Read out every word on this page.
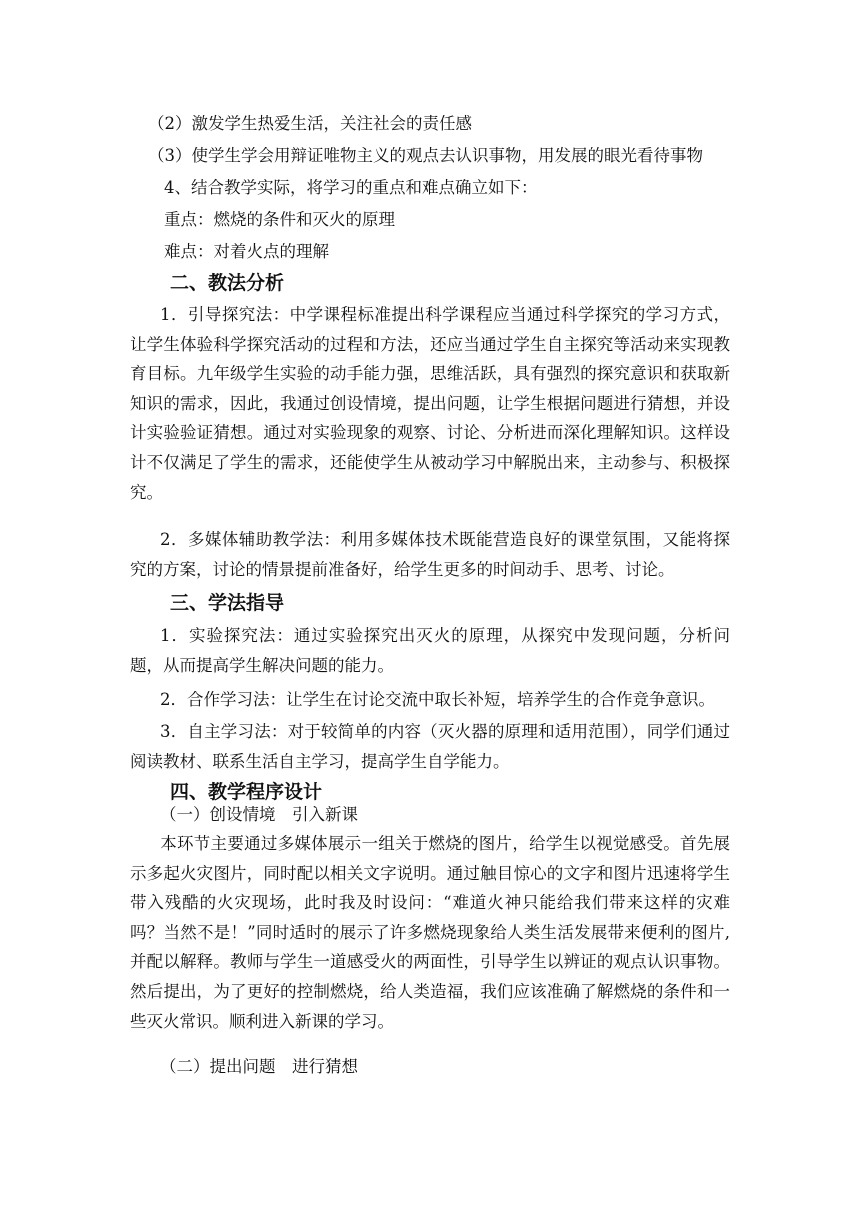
（2）激发学生热爱生活，关注社会的责任感
（3）使学生学会用辩证唯物主义的观点去认识事物，用发展的眼光看待事物
4、结合教学实际，将学习的重点和难点确立如下：
重点：燃烧的条件和灭火的原理
难点：对着火点的理解
二、教法分析
1．引导探究法：中学课程标准提出科学课程应当通过科学探究的学习方式，让学生体验科学探究活动的过程和方法，还应当通过学生自主探究等活动来实现教育目标。九年级学生实验的动手能力强，思维活跃，具有强烈的探究意识和获取新知识的需求，因此，我通过创设情境，提出问题，让学生根据问题进行猜想，并设计实验验证猜想。通过对实验现象的观察、讨论、分析进而深化理解知识。这样设计不仅满足了学生的需求，还能使学生从被动学习中解脱出来，主动参与、积极探究。
2．多媒体辅助教学法：利用多媒体技术既能营造良好的课堂氛围，又能将探究的方案，讨论的情景提前准备好，给学生更多的时间动手、思考、讨论。
三、学法指导
1．实验探究法：通过实验探究出灭火的原理，从探究中发现问题，分析问题，从而提高学生解决问题的能力。
2．合作学习法：让学生在讨论交流中取长补短，培养学生的合作竞争意识。
3．自主学习法：对于较简单的内容（灭火器的原理和适用范围），同学们通过阅读教材、联系生活自主学习，提高学生自学能力。
四、教学程序设计
（一）创设情境　引入新课
本环节主要通过多媒体展示一组关于燃烧的图片，给学生以视觉感受。首先展示多起火灾图片，同时配以相关文字说明。通过触目惊心的文字和图片迅速将学生带入残酷的火灾现场，此时我及时设问：“难道火神只能给我们带来这样的灾难吗？当然不是！”同时适时的展示了许多燃烧现象给人类生活发展带来便利的图片,并配以解释。教师与学生一道感受火的两面性，引导学生以辨证的观点认识事物。然后提出，为了更好的控制燃烧，给人类造福，我们应该准确了解燃烧的条件和一些灭火常识。顺利进入新课的学习。
（二）提出问题　进行猜想
